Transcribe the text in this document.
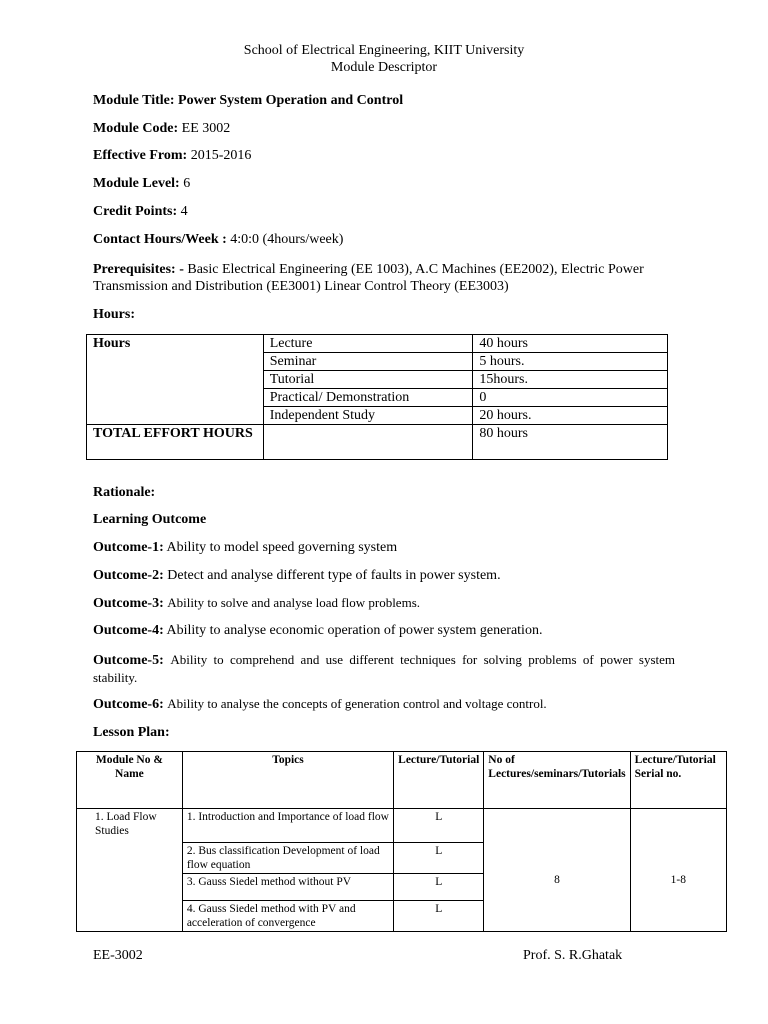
School of Electrical Engineering, KIIT University
Module Descriptor
Module Title: Power System Operation and Control
Module Code: EE 3002
Effective From: 2015-2016
Module Level: 6
Credit Points: 4
Contact Hours/Week : 4:0:0 (4hours/week)
Prerequisites: - Basic Electrical Engineering (EE 1003), A.C Machines (EE2002), Electric Power Transmission and Distribution (EE3001) Linear Control Theory (EE3003)
Hours:
Hours	Lecture	40 hours
	Seminar	5 hours.
	Tutorial	15hours.
	Practical/ Demonstration	0
	Independent Study	20 hours.
TOTAL EFFORT HOURS		80 hours
Rationale:
Learning Outcome
Outcome-1: Ability to model speed governing system
Outcome-2: Detect and analyse different type of faults in power system.
Outcome-3: Ability to solve and analyse load flow problems.
Outcome-4: Ability to analyse economic operation of power system generation.
Outcome-5: Ability to comprehend and use different techniques for solving problems of power system stability.
Outcome-6: Ability to analyse the concepts of generation control and voltage control.
Lesson Plan:
Module No & Name	Topics	Lecture/Tutorial	No of Lectures/seminars/Tutorials	Lecture/Tutorial Serial no.
1. Load Flow Studies	1. Introduction and Importance of load flow	L	8	1-8
	2. Bus classification Development of load flow equation	L		
	3. Gauss Siedel method without PV	L		
	4. Gauss Siedel method with PV and acceleration of convergence	L		
EE-3002	Prof. S. R.Ghatak
